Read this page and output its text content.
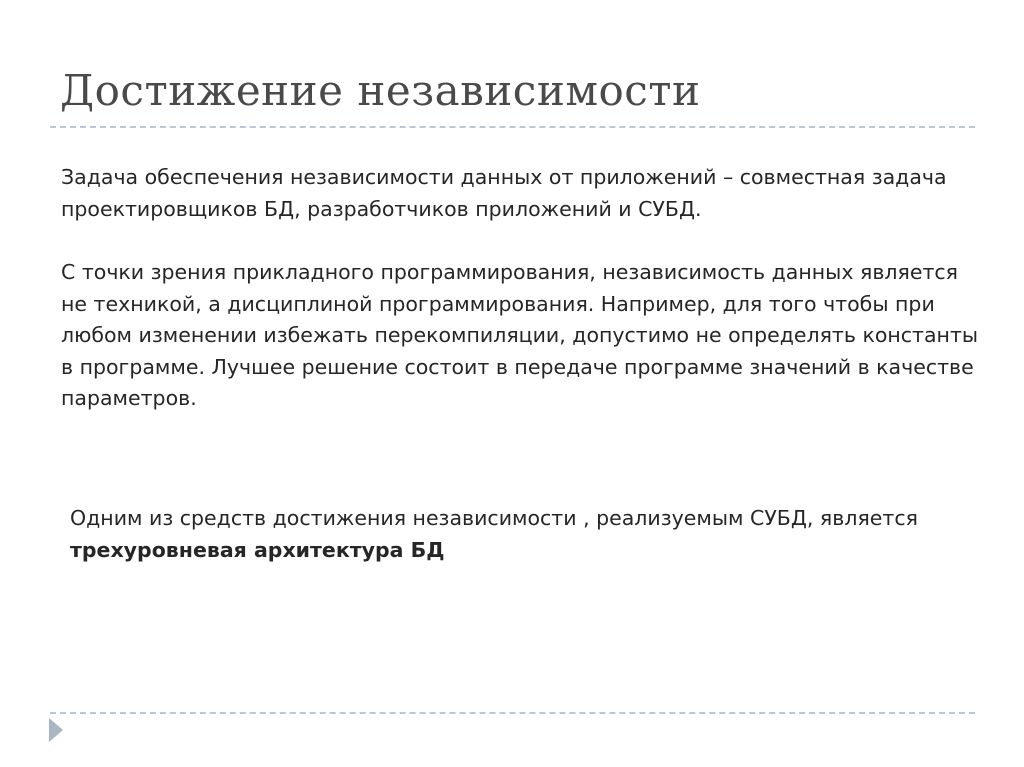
Достижение независимости

Задача обеспечения независимости данных от приложений – совместная задача проектировщиков БД, разработчиков приложений и СУБД.

С точки зрения прикладного программирования, независимость данных является не техникой, а дисциплиной программирования. Например, для того чтобы при любом изменении избежать перекомпиляции, допустимо не определять константы в программе. Лучшее решение состоит в передаче программе значений в качестве параметров.

Одним из средств достижения независимости , реализуемым СУБД, является
трехуровневая архитектура БД
